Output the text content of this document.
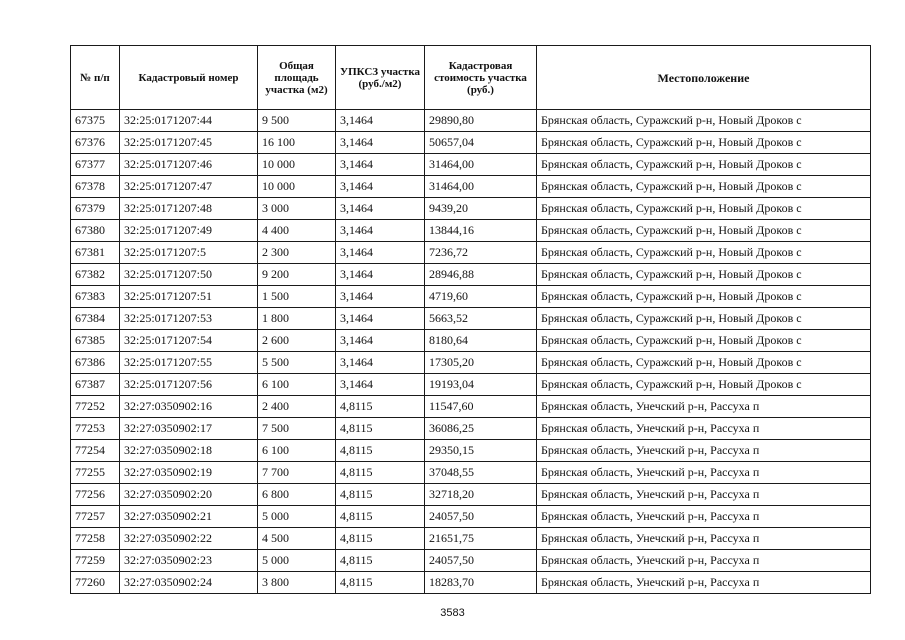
№ п/п	Кадастровый номер	Общая площадь участка (м2)	УПКСЗ участка (руб./м2)	Кадастровая стоимость участка (руб.)	Местоположение
67375	32:25:0171207:44	9 500	3,1464	29890,80	Брянская область, Суражский р-н, Новый Дроков с
67376	32:25:0171207:45	16 100	3,1464	50657,04	Брянская область, Суражский р-н, Новый Дроков с
67377	32:25:0171207:46	10 000	3,1464	31464,00	Брянская область, Суражский р-н, Новый Дроков с
67378	32:25:0171207:47	10 000	3,1464	31464,00	Брянская область, Суражский р-н, Новый Дроков с
67379	32:25:0171207:48	3 000	3,1464	9439,20	Брянская область, Суражский р-н, Новый Дроков с
67380	32:25:0171207:49	4 400	3,1464	13844,16	Брянская область, Суражский р-н, Новый Дроков с
67381	32:25:0171207:5	2 300	3,1464	7236,72	Брянская область, Суражский р-н, Новый Дроков с
67382	32:25:0171207:50	9 200	3,1464	28946,88	Брянская область, Суражский р-н, Новый Дроков с
67383	32:25:0171207:51	1 500	3,1464	4719,60	Брянская область, Суражский р-н, Новый Дроков с
67384	32:25:0171207:53	1 800	3,1464	5663,52	Брянская область, Суражский р-н, Новый Дроков с
67385	32:25:0171207:54	2 600	3,1464	8180,64	Брянская область, Суражский р-н, Новый Дроков с
67386	32:25:0171207:55	5 500	3,1464	17305,20	Брянская область, Суражский р-н, Новый Дроков с
67387	32:25:0171207:56	6 100	3,1464	19193,04	Брянская область, Суражский р-н, Новый Дроков с
77252	32:27:0350902:16	2 400	4,8115	11547,60	Брянская область, Унечский р-н, Рассуха п
77253	32:27:0350902:17	7 500	4,8115	36086,25	Брянская область, Унечский р-н, Рассуха п
77254	32:27:0350902:18	6 100	4,8115	29350,15	Брянская область, Унечский р-н, Рассуха п
77255	32:27:0350902:19	7 700	4,8115	37048,55	Брянская область, Унечский р-н, Рассуха п
77256	32:27:0350902:20	6 800	4,8115	32718,20	Брянская область, Унечский р-н, Рассуха п
77257	32:27:0350902:21	5 000	4,8115	24057,50	Брянская область, Унечский р-н, Рассуха п
77258	32:27:0350902:22	4 500	4,8115	21651,75	Брянская область, Унечский р-н, Рассуха п
77259	32:27:0350902:23	5 000	4,8115	24057,50	Брянская область, Унечский р-н, Рассуха п
77260	32:27:0350902:24	3 800	4,8115	18283,70	Брянская область, Унечский р-н, Рассуха п
3583
